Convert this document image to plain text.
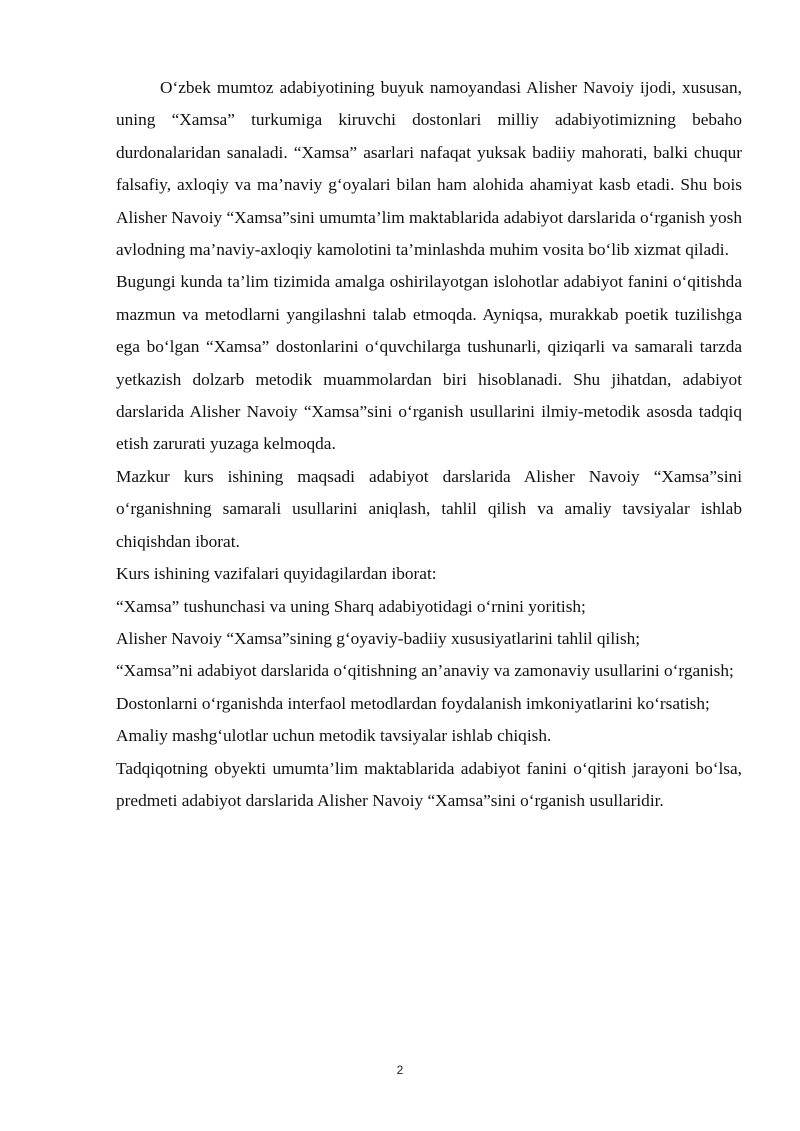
O‘zbek mumtoz adabiyotining buyuk namoyandasi Alisher Navoiy ijodi, xususan, uning “Xamsa” turkumiga kiruvchi dostonlari milliy adabiyotimizning bebaho durdonalaridan sanaladi. “Xamsa” asarlari nafaqat yuksak badiiy mahorati, balki chuqur falsafiy, axloqiy va ma’naviy g‘oyalari bilan ham alohida ahamiyat kasb etadi. Shu bois Alisher Navoiy “Xamsa”sini umumta’lim maktablarida adabiyot darslarida o‘rganish yosh avlodning ma’naviy-axloqiy kamolotini ta’minlashda muhim vosita bo‘lib xizmat qiladi.

Bugungi kunda ta’lim tizimida amalga oshirilayotgan islohotlar adabiyot fanini o‘qitishda mazmun va metodlarni yangilashni talab etmoqda. Ayniqsa, murakkab poetik tuzilishga ega bo‘lgan “Xamsa” dostonlarini o‘quvchilarga tushunarli, qiziqarli va samarali tarzda yetkazish dolzarb metodik muammolardan biri hisoblanadi. Shu jihatdan, adabiyot darslarida Alisher Navoiy “Xamsa”sini o‘rganish usullarini ilmiy-metodik asosda tadqiq etish zarurati yuzaga kelmoqda.

Mazkur kurs ishining maqsadi adabiyot darslarida Alisher Navoiy “Xamsa”sini o‘rganishning samarali usullarini aniqlash, tahlil qilish va amaliy tavsiyalar ishlab chiqishdan iborat.

Kurs ishining vazifalari quyidagilardan iborat:

“Xamsa” tushunchasi va uning Sharq adabiyotidagi o‘rnini yoritish;

Alisher Navoiy “Xamsa”sining g‘oyaviy-badiiy xususiyatlarini tahlil qilish;

“Xamsa”ni adabiyot darslarida o‘qitishning an’anaviy va zamonaviy usullarini o‘rganish;

Dostonlarni o‘rganishda interfaol metodlardan foydalanish imkoniyatlarini ko‘rsatish;

Amaliy mashg‘ulotlar uchun metodik tavsiyalar ishlab chiqish.

Tadqiqotning obyekti umumta’lim maktablarida adabiyot fanini o‘qitish jarayoni bo‘lsa, predmeti adabiyot darslarida Alisher Navoiy “Xamsa”sini o‘rganish usullaridir.

2
